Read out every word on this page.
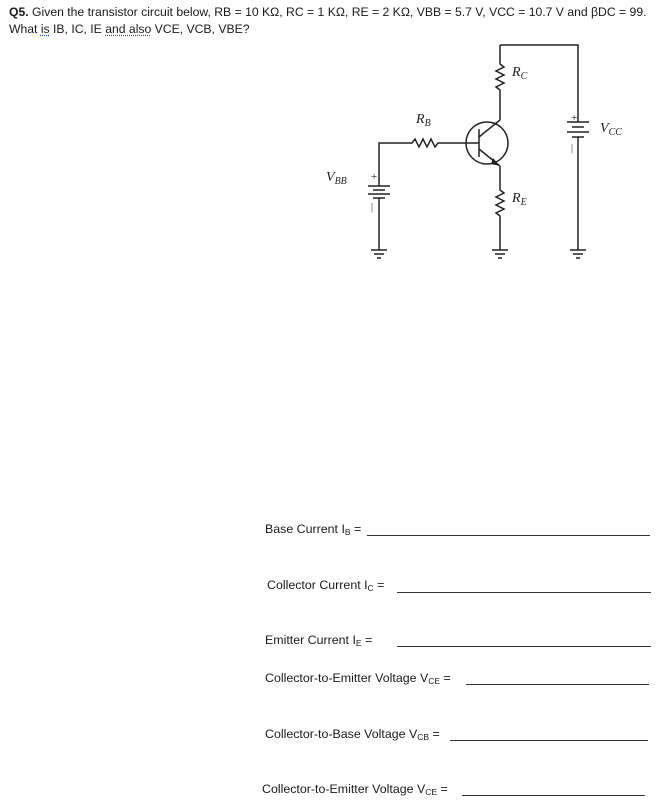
Q5. Given the transistor circuit below, RB = 10 KΩ, RC = 1 KΩ, RE = 2 KΩ, VBB = 5.7 V, VCC = 10.7 V and βDC = 99.
What is IB, IC, IE and also VCE, VCB, VBE?
$R_C$
$R_B$
$R_E$
$V_{BB}$
$V_{CC}$
+
|
+
|
Base Current $I_B$ =
Collector Current $I_C$ =
Emitter Current $I_E$ =
Collector-to-Emitter Voltage $V_{CE}$ =
Collector-to-Base Voltage $V_{CB}$ =
Collector-to-Emitter Voltage $V_{CE}$ =
